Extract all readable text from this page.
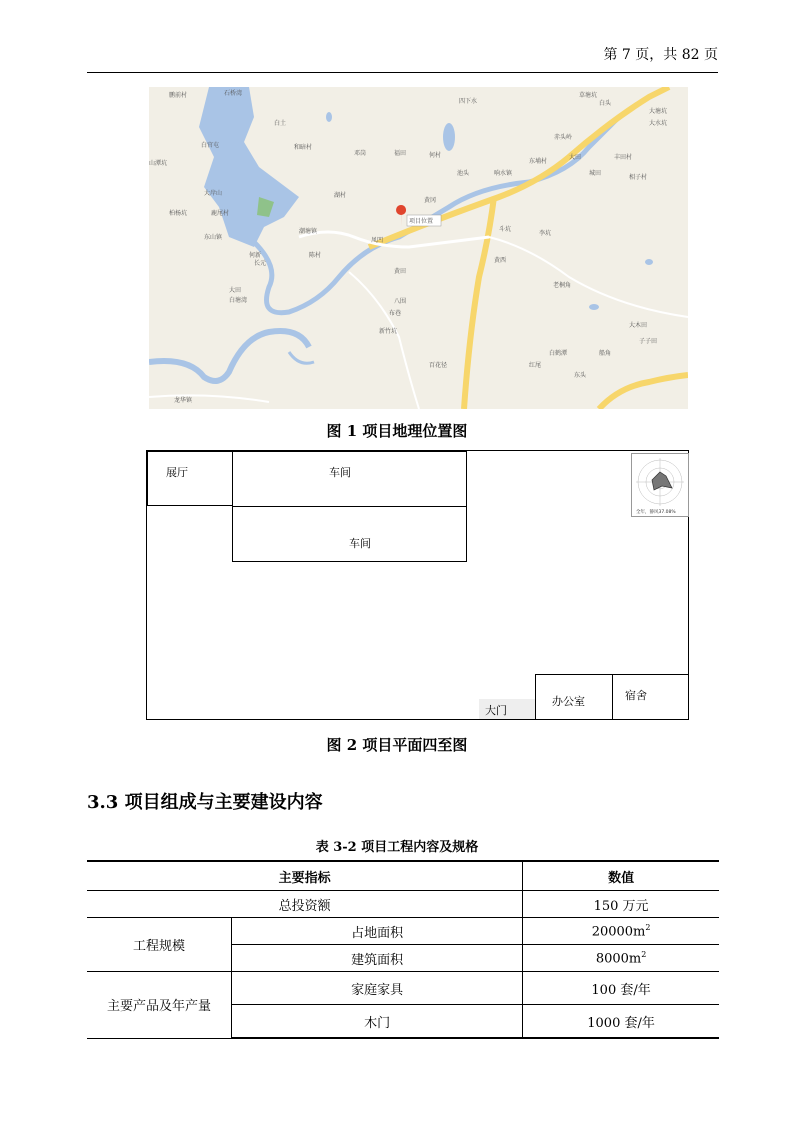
第 7 页，共 82 页
项目位置
鹏前村	石桥湾
白土
四下水
大塘坑
大水坑
山潭坑
白官屯	和暗村
邓岗	福田	何村
东埔村
白头
草塘坑
赤头岭
大田	丰田村
大岸山
鹿尾村
湖村
池头	响水镇	城田
相子村
柏杨坑
东山镇
潮塘镇
黄冈
凤凹
斗坑
李坑
长元
陈村
黄田
黄西
老桐角
大田
何新
八围
布巷
大木田
白塘湾
新竹坑
子子田
白鹤潭	船角
红尾
百花径
东头
龙华镇
图 1 项目地理位置图
展厅	车间
车间
办公室	宿舍
大门
全年，静风37.08%
图 2 项目平面四至图
3.3 项目组成与主要建设内容
表 3-2 项目工程内容及规格
主要指标		数值
总投资额		150 万元
工程规模	占地面积	$20000m^2$
	建筑面积	$8000m^2$
主要产品及年产量	家庭家具	100 套/年
	木门	1000 套/年
